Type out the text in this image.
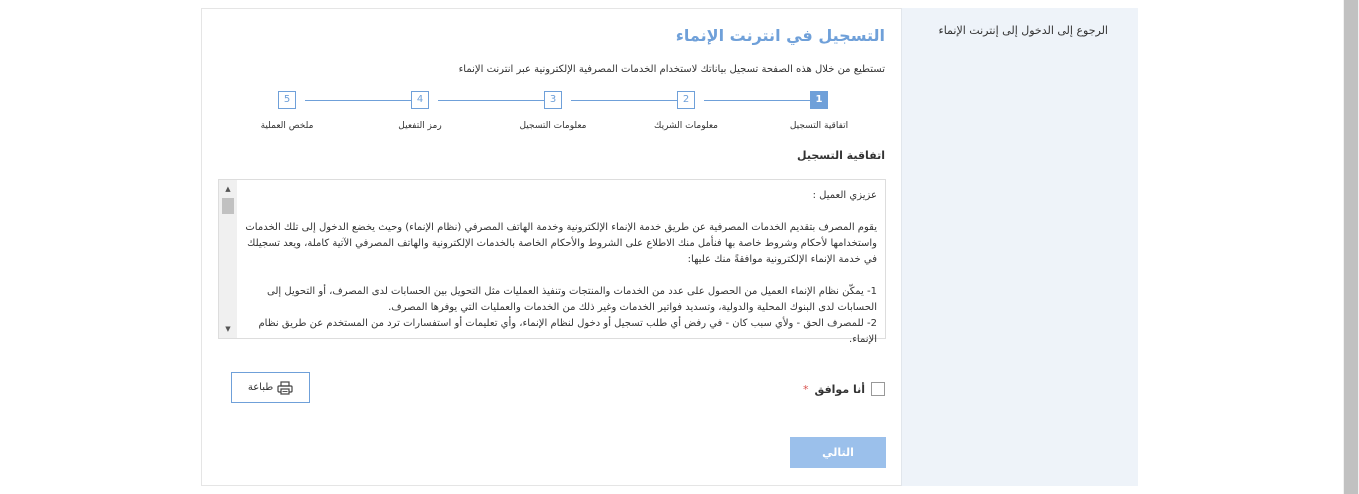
الرجوع إلى الدخول إلى إنترنت الإنماء
التسجيل في انترنت الإنماء
تستطيع من خلال هذه الصفحة تسجيل بياناتك لاستخدام الخدمات المصرفية الإلكترونية عبر انترنت الإنماء
1
2
3
4
5
اتفاقية التسجيل
معلومات الشريك
معلومات التسجيل
رمز التفعيل
ملخص العملية
اتفاقية التسجيل
▲
▼

عزيزي العميل :

يقوم المصرف بتقديم الخدمات المصرفية عن طريق خدمة الإنماء الإلكترونية وخدمة الهاتف المصرفي (نظام الإنماء) وحيث يخضع الدخول إلى تلك الخدمات واستخدامها لأحكام وشروط خاصة بها فنأمل منك الاطلاع على الشروط والأحكام الخاصة بالخدمات الإلكترونية والهاتف المصرفي الآتية كاملة، ويعد تسجيلك في خدمة الإنماء الإلكترونية موافقةً منك عليها:

1- يمكّن نظام الإنماء العميل من الحصول على عدد من الخدمات والمنتجات وتنفيذ العمليات مثل التحويل بين الحسابات لدى المصرف، أو التحويل إلى الحسابات لدى البنوك المحلية والدولية، وتسديد فواتير الخدمات وغير ذلك من الخدمات والعمليات التي يوفرها المصرف.

2- للمصرف الحق - ولأي سبب كان - في رفض أي طلب تسجيل أو دخول لنظام الإنماء، وأي تعليمات أو استفسارات ترد من المستخدم عن طريق نظام الإنماء.

أنا موافق
*
طباعة
التالي
